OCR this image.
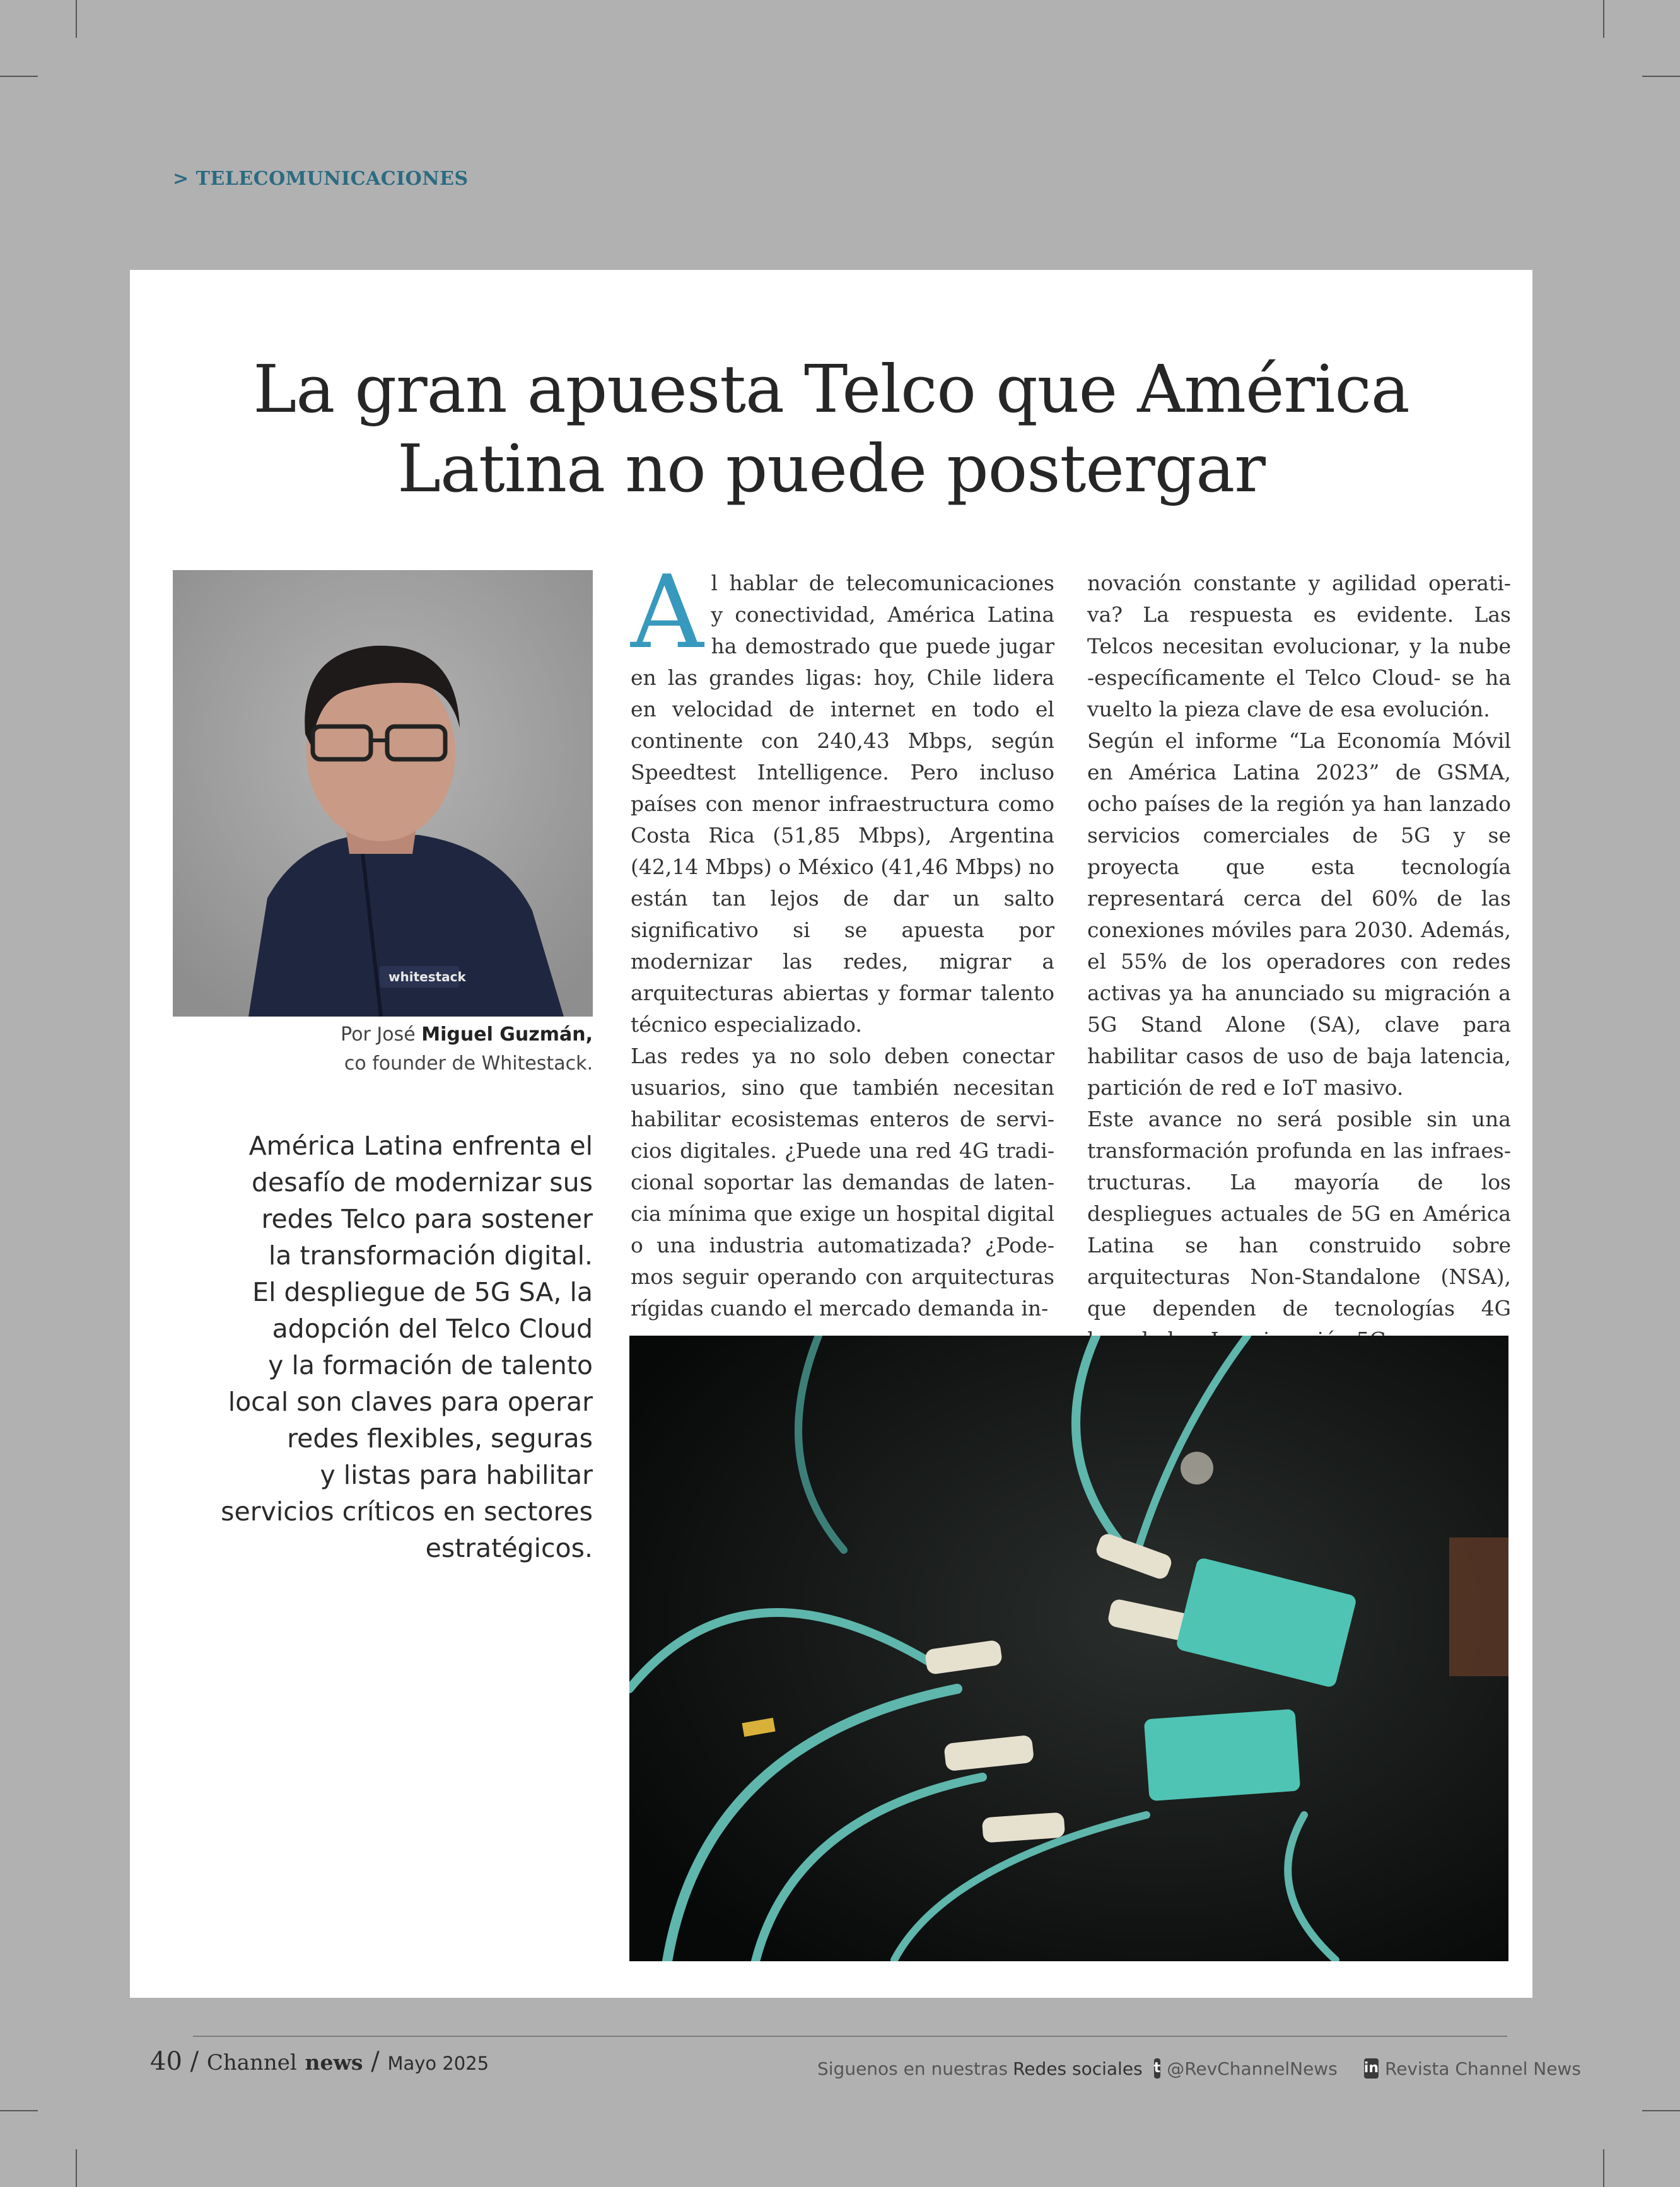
> TELECOMUNICACIONES
La gran apuesta Telco que América
Latina no puede postergar
whitestack
Por José Miguel Guzmán,
co founder de Whitestack.
América Latina enfrenta el
desafío de modernizar sus
redes Telco para sostener
la transformación digital.
El despliegue de 5G SA, la
adopción del Telco Cloud
y la formación de talento
local son claves para operar
redes flexibles, seguras
y listas para habilitar
servicios críticos en sectores
estratégicos.

Al hablar de telecomunicaciones y conectividad, América Latina ha demostrado que puede jugar en las grandes ligas: hoy, Chile lidera en velocidad de internet en todo el continente con 240,43 Mbps, según Speedtest Intelligence. Pero incluso países con menor infraestructura como Costa Rica (51,85 Mbps), Argentina (42,14 Mbps) o México (41,46 Mbps) no están tan lejos de dar un salto significativo si se apuesta por modernizar las redes, migrar a arquitecturas abiertas y formar talento técnico especializado.

Las redes ya no solo deben conectar usuarios, sino que también necesitan habilitar ecosistemas enteros de servicios digitales. ¿Puede una red 4G tradicional soportar las demandas de latencia mínima que exige un hospital digital o una industria automatizada? ¿Podemos seguir operando con arquitecturas rígidas cuando el mercado demanda in-

novación constante y agilidad operativa? La respuesta es evidente. Las Telcos necesitan evolucionar, y la nube -específicamente el Telco Cloud- se ha vuelto la pieza clave de esa evolución.

Según el informe “La Economía Móvil en América Latina 2023” de GSMA, ocho países de la región ya han lanzado servicios comerciales de 5G y se proyecta que esta tecnología representará cerca del 60% de las conexiones móviles para 2030. Además, el 55% de los operadores con redes activas ya ha anunciado su migración a 5G Stand Alone (SA), clave para habilitar casos de uso de baja latencia, partición de red e IoT masivo.

Este avance no será posible sin una transformación profunda en las infraestructuras. La mayoría de los despliegues actuales de 5G en América Latina se han construido sobre arquitecturas Non-Standalone (NSA), que dependen de tecnologías 4G

40 / Channel news / Mayo 2025	Siguenos en nuestras Redes sociales t @RevChannelNews in Revista Channel News
